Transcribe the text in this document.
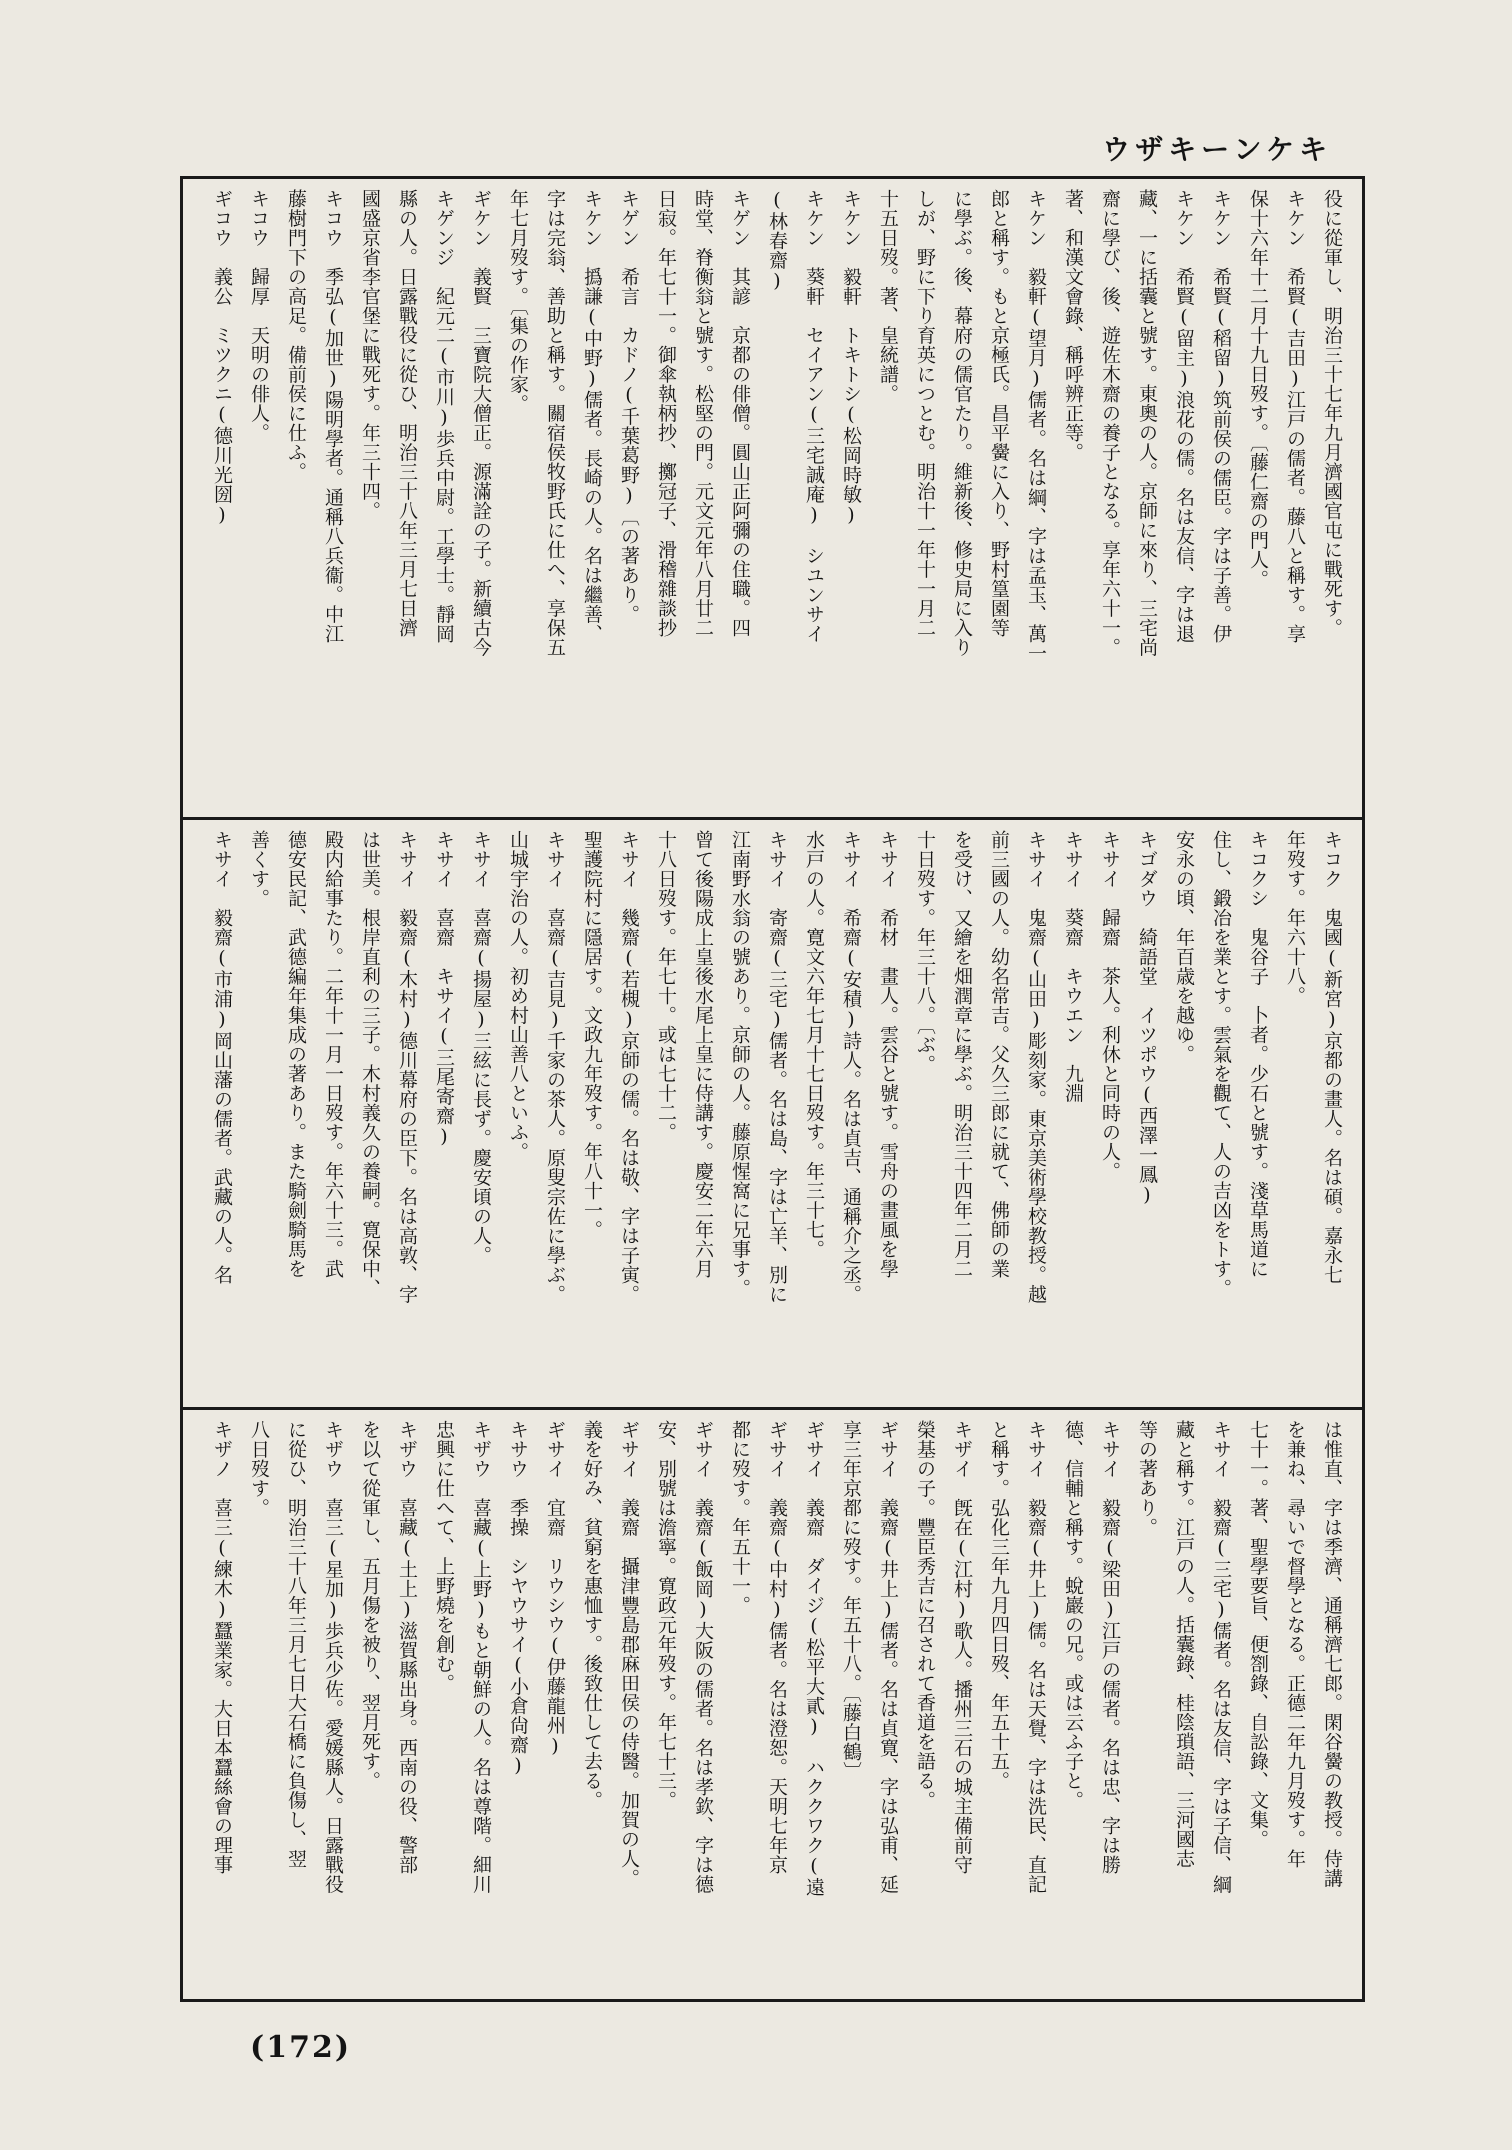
ウザキーンケキ
役に從軍し、明治三十七年九月濟國官屯に戰死す。
キケン　希賢(吉田)江戸の儒者。藤八と稱す。享
保十六年十二月十九日歿す。〔藤仁齋の門人。
キケン　希賢(稻留)筑前侯の儒臣。字は子善。伊
キケン　希賢(留主)浪花の儒。名は友信、字は退
藏、一に括囊と號す。東奧の人。京師に來り、三宅尚
齋に學び、後、遊佐木齋の養子となる。享年六十一。
著、和漢文會錄、稱呼辨正等。
キケン　毅軒(望月)儒者。名は綱、字は孟玉、萬一
郎と稱す。もと京極氏。昌平黌に入り、野村篁園等
に學ぶ。後、幕府の儒官たり。維新後、修史局に入り
しが、野に下り育英につとむ。明治十一年十一月二
十五日歿。著、皇統譜。
キケン　毅軒　トキトシ(松岡時敏)
キケン　葵軒　セイアン(三宅誠庵)　シユンサイ
(林春齋)
キゲン　其諺　京都の俳僧。圓山正阿彌の住職。四
時堂、脊衡翁と號す。松堅の門。元文元年八月廿二
日寂。年七十一。御傘執柄抄、擲冠子、滑稽雜談抄
キゲン　希言　カドノ(千葉葛野)〔の著あり。
キケン　撝謙(中野)儒者。長崎の人。名は繼善、
字は完翁、善助と稱す。關宿侯牧野氏に仕へ、享保五
年七月歿す。〔集の作家。
ギケン　義賢　三寶院大僧正。源滿詮の子。新續古今
キゲンジ　紀元二(市川)歩兵中尉。工學士。靜岡
縣の人。日露戰役に從ひ、明治三十八年三月七日濟
國盛京省李官堡に戰死す。年三十四。
キコウ　季弘(加世)陽明學者。通稱八兵衞。中江
藤樹門下の高足。備前侯に仕ふ。
キコウ　歸厚　天明の俳人。
ギコウ　義公　ミツクニ(德川光圀)
キコク　鬼國(新宮)京都の畫人。名は碩。嘉永七
年歿す。年六十八。
キコクシ　鬼谷子　卜者。少石と號す。淺草馬道に
住し、鍛冶を業とす。雲氣を觀て、人の吉凶をトす。
安永の頃、年百歳を越ゆ。
キゴダウ　綺語堂　イツポウ(西澤一鳳)
キサイ　歸齋　茶人。利休と同時の人。
キサイ　葵齋　キウエン　九淵
キサイ　鬼齋(山田)彫刻家。東京美術學校教授。越
前三國の人。幼名常吉。父久三郎に就て、佛師の業
を受け、又繪を畑潤章に學ぶ。明治三十四年二月二
十日歿す。年三十八。〔ぶ。
キサイ　希材　畫人。雲谷と號す。雪舟の畫風を學
キサイ　希齋(安積)詩人。名は貞吉、通稱介之丞。
水戸の人。寛文六年七月十七日歿す。年三十七。
キサイ　寄齋(三宅)儒者。名は島、字は亡羊、別に
江南野水翁の號あり。京師の人。藤原惺窩に兄事す。
曾て後陽成上皇後水尾上皇に侍講す。慶安二年六月
十八日歿す。年七十。或は七十二。
キサイ　幾齋(若槻)京師の儒。名は敬、字は子寅。
聖護院村に隱居す。文政九年歿す。年八十一。
キサイ　喜齋(吉見)千家の茶人。原叟宗佐に學ぶ。
山城宇治の人。初め村山善八といふ。
キサイ　喜齋(揚屋)三絃に長ず。慶安頃の人。
キサイ　喜齋　キサイ(三尾寄齋)
キサイ　毅齋(木村)德川幕府の臣下。名は高敦、字
は世美。根岸直利の三子。木村義久の養嗣。寛保中、
殿内給事たり。二年十一月一日歿す。年六十三。武
德安民記、武德編年集成の著あり。また騎劍騎馬を
善くす。
キサイ　毅齋(市浦)岡山藩の儒者。武藏の人。名
は惟直、字は季濟、通稱濟七郎。閑谷黌の教授。侍講
を兼ね、尋いで督學となる。正德二年九月歿す。年
七十一。著、聖學要旨、便劄錄、自訟錄、文集。
キサイ　毅齋(三宅)儒者。名は友信、字は子信、綱
藏と稱す。江戸の人。括囊錄、桂陰瑣語、三河國志
等の著あり。
キサイ　毅齋(梁田)江戸の儒者。名は忠、字は勝
德、信輔と稱す。蛻巖の兄。或は云ふ子と。
キサイ　毅齋(井上)儒。名は天覺、字は洗民、直記
と稱す。弘化三年九月四日歿、年五十五。
キザイ　旣在(江村)歌人。播州三石の城主備前守
榮基の子。豐臣秀吉に召されて香道を語る。
ギサイ　義齋(井上)儒者。名は貞寛、字は弘甫、延
享三年京都に歿す。年五十八。〔藤白鶴〕
ギサイ　義齋　ダイジ(松平大貳)　ハククワク(遠
ギサイ　義齋(中村)儒者。名は澄恕。天明七年京
都に歿す。年五十一。
ギサイ　義齋(飯岡)大阪の儒者。名は孝欽、字は德
安、別號は澹寧。寛政元年歿す。年七十三。
ギサイ　義齋　攝津豐島郡麻田侯の侍醫。加賀の人。
義を好み、貧窮を惠恤す。後致仕して去る。
ギサイ　宜齋　リウシウ(伊藤龍州)
キサウ　季操　シヤウサイ(小倉尙齋)
キザウ　喜藏(上野)もと朝鮮の人。名は尊階。細川
忠興に仕へて、上野燒を創む。
キザウ　喜藏(土上)滋賀縣出身。西南の役、警部
を以て從軍し、五月傷を被り、翌月死す。
キザウ　喜三(星加)歩兵少佐。愛媛縣人。日露戰役
に從ひ、明治三十八年三月七日大石橋に負傷し、翌
八日歿す。
キザノ　喜三(練木)蠶業家。大日本蠶絲會の理事
(172)
